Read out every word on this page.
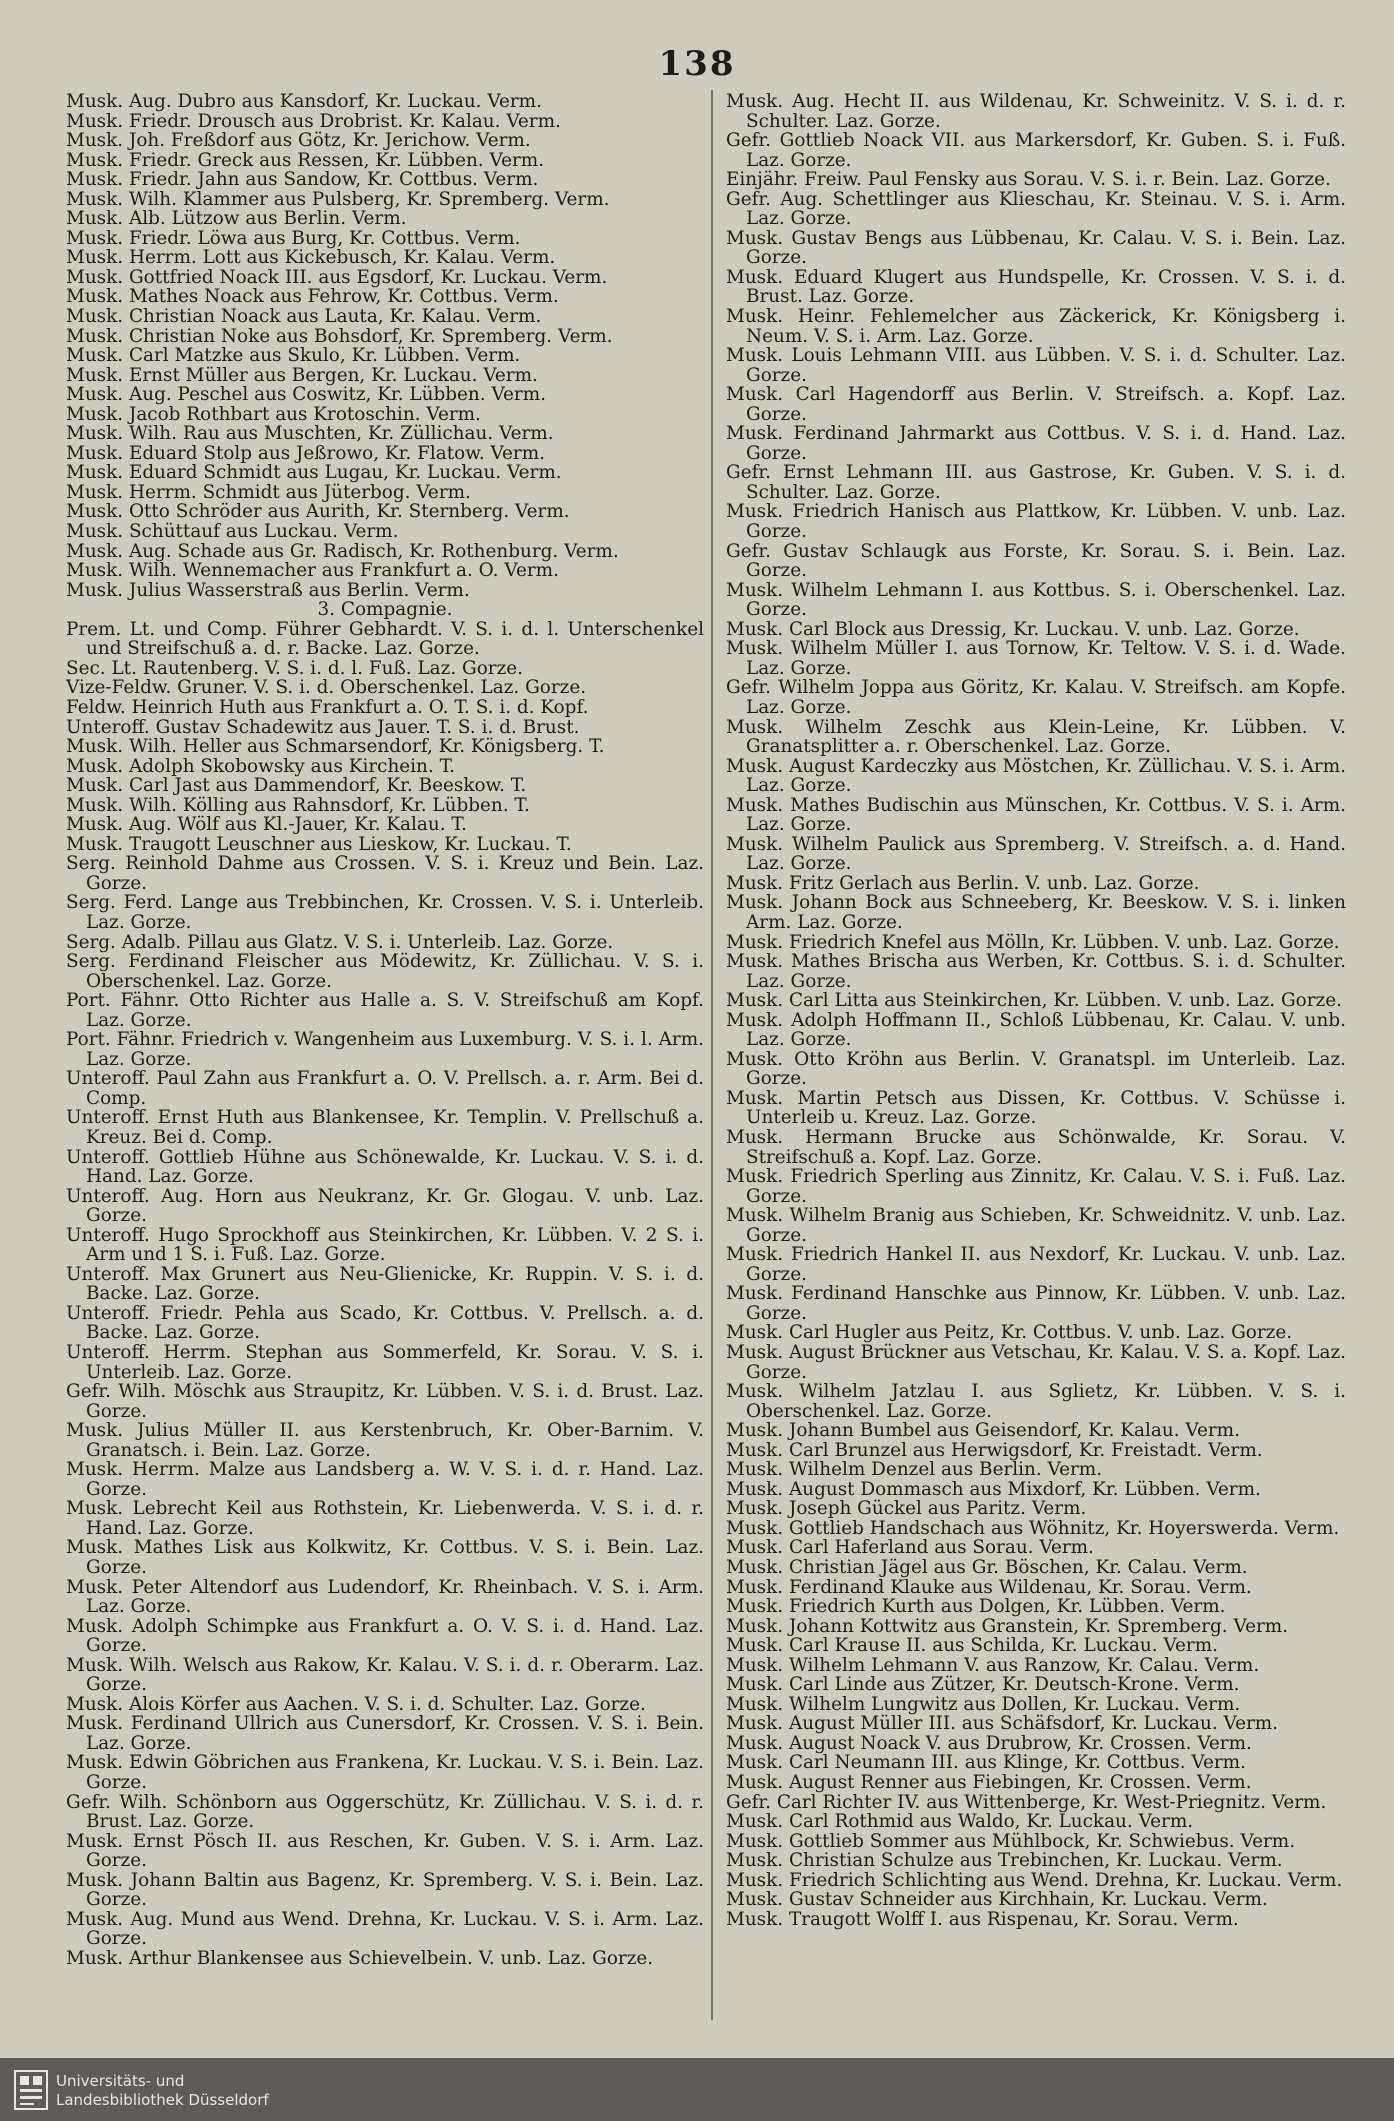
138
Musk. Aug. Dubro aus Kansdorf, Kr. Luckau. Verm.
Musk. Friedr. Drousch aus Drobrist. Kr. Kalau. Verm.
Musk. Joh. Freßdorf aus Götz, Kr. Jerichow. Verm.
Musk. Friedr. Greck aus Ressen, Kr. Lübben. Verm.
Musk. Friedr. Jahn aus Sandow, Kr. Cottbus. Verm.
Musk. Wilh. Klammer aus Pulsberg, Kr. Spremberg. Verm.
Musk. Alb. Lützow aus Berlin. Verm.
Musk. Friedr. Löwa aus Burg, Kr. Cottbus. Verm.
Musk. Herrm. Lott aus Kickebusch, Kr. Kalau. Verm.
Musk. Gottfried Noack III. aus Egsdorf, Kr. Luckau. Verm.
Musk. Mathes Noack aus Fehrow, Kr. Cottbus. Verm.
Musk. Christian Noack aus Lauta, Kr. Kalau. Verm.
Musk. Christian Noke aus Bohsdorf, Kr. Spremberg. Verm.
Musk. Carl Matzke aus Skulo, Kr. Lübben. Verm.
Musk. Ernst Müller aus Bergen, Kr. Luckau. Verm.
Musk. Aug. Peschel aus Coswitz, Kr. Lübben. Verm.
Musk. Jacob Rothbart aus Krotoschin. Verm.
Musk. Wilh. Rau aus Muschten, Kr. Züllichau. Verm.
Musk. Eduard Stolp aus Jeßrowo, Kr. Flatow. Verm.
Musk. Eduard Schmidt aus Lugau, Kr. Luckau. Verm.
Musk. Herrm. Schmidt aus Jüterbog. Verm.
Musk. Otto Schröder aus Aurith, Kr. Sternberg. Verm.
Musk. Schüttauf aus Luckau. Verm.
Musk. Aug. Schade aus Gr. Radisch, Kr. Rothenburg. Verm.
Musk. Wilh. Wennemacher aus Frankfurt a. O. Verm.
Musk. Julius Wasserstraß aus Berlin. Verm.
3. Compagnie.
Prem. Lt. und Comp. Führer Gebhardt. V. S. i. d. l. Unterschenkel und Streifschuß a. d. r. Backe. Laz. Gorze.
Sec. Lt. Rautenberg. V. S. i. d. l. Fuß. Laz. Gorze.
Vize-Feldw. Gruner. V. S. i. d. Oberschenkel. Laz. Gorze.
Feldw. Heinrich Huth aus Frankfurt a. O. T. S. i. d. Kopf.
Unteroff. Gustav Schadewitz aus Jauer. T. S. i. d. Brust.
Musk. Wilh. Heller aus Schmarsendorf, Kr. Königsberg. T.
Musk. Adolph Skobowsky aus Kirchein. T.
Musk. Carl Jast aus Dammendorf, Kr. Beeskow. T.
Musk. Wilh. Kölling aus Rahnsdorf, Kr. Lübben. T.
Musk. Aug. Wölf aus Kl.-Jauer, Kr. Kalau. T.
Musk. Traugott Leuschner aus Lieskow, Kr. Luckau. T.
Serg. Reinhold Dahme aus Crossen. V. S. i. Kreuz und Bein. Laz. Gorze.
Serg. Ferd. Lange aus Trebbinchen, Kr. Crossen. V. S. i. Unterleib. Laz. Gorze.
Serg. Adalb. Pillau aus Glatz. V. S. i. Unterleib. Laz. Gorze.
Serg. Ferdinand Fleischer aus Mödewitz, Kr. Züllichau. V. S. i. Oberschenkel. Laz. Gorze.
Port. Fähnr. Otto Richter aus Halle a. S. V. Streifschuß am Kopf. Laz. Gorze.
Port. Fähnr. Friedrich v. Wangenheim aus Luxemburg. V. S. i. l. Arm. Laz. Gorze.
Unteroff. Paul Zahn aus Frankfurt a. O. V. Prellsch. a. r. Arm. Bei d. Comp.
Unteroff. Ernst Huth aus Blankensee, Kr. Templin. V. Prellschuß a. Kreuz. Bei d. Comp.
Unteroff. Gottlieb Hühne aus Schönewalde, Kr. Luckau. V. S. i. d. Hand. Laz. Gorze.
Unteroff. Aug. Horn aus Neukranz, Kr. Gr. Glogau. V. unb. Laz. Gorze.
Unteroff. Hugo Sprockhoff aus Steinkirchen, Kr. Lübben. V. 2 S. i. Arm und 1 S. i. Fuß. Laz. Gorze.
Unteroff. Max Grunert aus Neu-Glienicke, Kr. Ruppin. V. S. i. d. Backe. Laz. Gorze.
Unteroff. Friedr. Pehla aus Scado, Kr. Cottbus. V. Prellsch. a. d. Backe. Laz. Gorze.
Unteroff. Herrm. Stephan aus Sommerfeld, Kr. Sorau. V. S. i. Unterleib. Laz. Gorze.
Gefr. Wilh. Möschk aus Straupitz, Kr. Lübben. V. S. i. d. Brust. Laz. Gorze.
Musk. Julius Müller II. aus Kerstenbruch, Kr. Ober-Barnim. V. Granatsch. i. Bein. Laz. Gorze.
Musk. Herrm. Malze aus Landsberg a. W. V. S. i. d. r. Hand. Laz. Gorze.
Musk. Lebrecht Keil aus Rothstein, Kr. Liebenwerda. V. S. i. d. r. Hand. Laz. Gorze.
Musk. Mathes Lisk aus Kolkwitz, Kr. Cottbus. V. S. i. Bein. Laz. Gorze.
Musk. Peter Altendorf aus Ludendorf, Kr. Rheinbach. V. S. i. Arm. Laz. Gorze.
Musk. Adolph Schimpke aus Frankfurt a. O. V. S. i. d. Hand. Laz. Gorze.
Musk. Wilh. Welsch aus Rakow, Kr. Kalau. V. S. i. d. r. Oberarm. Laz. Gorze.
Musk. Alois Körfer aus Aachen. V. S. i. d. Schulter. Laz. Gorze.
Musk. Ferdinand Ullrich aus Cunersdorf, Kr. Crossen. V. S. i. Bein. Laz. Gorze.
Musk. Edwin Göbrichen aus Frankena, Kr. Luckau. V. S. i. Bein. Laz. Gorze.
Gefr. Wilh. Schönborn aus Oggerschütz, Kr. Züllichau. V. S. i. d. r. Brust. Laz. Gorze.
Musk. Ernst Pösch II. aus Reschen, Kr. Guben. V. S. i. Arm. Laz. Gorze.
Musk. Johann Baltin aus Bagenz, Kr. Spremberg. V. S. i. Bein. Laz. Gorze.
Musk. Aug. Mund aus Wend. Drehna, Kr. Luckau. V. S. i. Arm. Laz. Gorze.
Musk. Arthur Blankensee aus Schievelbein. V. unb. Laz. Gorze.
Musk. Aug. Hecht II. aus Wildenau, Kr. Schweinitz. V. S. i. d. r. Schulter. Laz. Gorze.
Gefr. Gottlieb Noack VII. aus Markersdorf, Kr. Guben. S. i. Fuß. Laz. Gorze.
Einjähr. Freiw. Paul Fensky aus Sorau. V. S. i. r. Bein. Laz. Gorze.
Gefr. Aug. Schettlinger aus Klieschau, Kr. Steinau. V. S. i. Arm. Laz. Gorze.
Musk. Gustav Bengs aus Lübbenau, Kr. Calau. V. S. i. Bein. Laz. Gorze.
Musk. Eduard Klugert aus Hundspelle, Kr. Crossen. V. S. i. d. Brust. Laz. Gorze.
Musk. Heinr. Fehlemelcher aus Zäckerick, Kr. Königsberg i. Neum. V. S. i. Arm. Laz. Gorze.
Musk. Louis Lehmann VIII. aus Lübben. V. S. i. d. Schulter. Laz. Gorze.
Musk. Carl Hagendorff aus Berlin. V. Streifsch. a. Kopf. Laz. Gorze.
Musk. Ferdinand Jahrmarkt aus Cottbus. V. S. i. d. Hand. Laz. Gorze.
Gefr. Ernst Lehmann III. aus Gastrose, Kr. Guben. V. S. i. d. Schulter. Laz. Gorze.
Musk. Friedrich Hanisch aus Plattkow, Kr. Lübben. V. unb. Laz. Gorze.
Gefr. Gustav Schlaugk aus Forste, Kr. Sorau. S. i. Bein. Laz. Gorze.
Musk. Wilhelm Lehmann I. aus Kottbus. S. i. Oberschenkel. Laz. Gorze.
Musk. Carl Block aus Dressig, Kr. Luckau. V. unb. Laz. Gorze.
Musk. Wilhelm Müller I. aus Tornow, Kr. Teltow. V. S. i. d. Wade. Laz. Gorze.
Gefr. Wilhelm Joppa aus Göritz, Kr. Kalau. V. Streifsch. am Kopfe. Laz. Gorze.
Musk. Wilhelm Zeschk aus Klein-Leine, Kr. Lübben. V. Granatsplitter a. r. Oberschenkel. Laz. Gorze.
Musk. August Kardeczky aus Möstchen, Kr. Züllichau. V. S. i. Arm. Laz. Gorze.
Musk. Mathes Budischin aus Münschen, Kr. Cottbus. V. S. i. Arm. Laz. Gorze.
Musk. Wilhelm Paulick aus Spremberg. V. Streifsch. a. d. Hand. Laz. Gorze.
Musk. Fritz Gerlach aus Berlin. V. unb. Laz. Gorze.
Musk. Johann Bock aus Schneeberg, Kr. Beeskow. V. S. i. linken Arm. Laz. Gorze.
Musk. Friedrich Knefel aus Mölln, Kr. Lübben. V. unb. Laz. Gorze.
Musk. Mathes Brischa aus Werben, Kr. Cottbus. S. i. d. Schulter. Laz. Gorze.
Musk. Carl Litta aus Steinkirchen, Kr. Lübben. V. unb. Laz. Gorze.
Musk. Adolph Hoffmann II., Schloß Lübbenau, Kr. Calau. V. unb. Laz. Gorze.
Musk. Otto Kröhn aus Berlin. V. Granatspl. im Unterleib. Laz. Gorze.
Musk. Martin Petsch aus Dissen, Kr. Cottbus. V. Schüsse i. Unterleib u. Kreuz. Laz. Gorze.
Musk. Hermann Brucke aus Schönwalde, Kr. Sorau. V. Streifschuß a. Kopf. Laz. Gorze.
Musk. Friedrich Sperling aus Zinnitz, Kr. Calau. V. S. i. Fuß. Laz. Gorze.
Musk. Wilhelm Branig aus Schieben, Kr. Schweidnitz. V. unb. Laz. Gorze.
Musk. Friedrich Hankel II. aus Nexdorf, Kr. Luckau. V. unb. Laz. Gorze.
Musk. Ferdinand Hanschke aus Pinnow, Kr. Lübben. V. unb. Laz. Gorze.
Musk. Carl Hugler aus Peitz, Kr. Cottbus. V. unb. Laz. Gorze.
Musk. August Brückner aus Vetschau, Kr. Kalau. V. S. a. Kopf. Laz. Gorze.
Musk. Wilhelm Jatzlau I. aus Sglietz, Kr. Lübben. V. S. i. Oberschenkel. Laz. Gorze.
Musk. Johann Bumbel aus Geisendorf, Kr. Kalau. Verm.
Musk. Carl Brunzel aus Herwigsdorf, Kr. Freistadt. Verm.
Musk. Wilhelm Denzel aus Berlin. Verm.
Musk. August Dommasch aus Mixdorf, Kr. Lübben. Verm.
Musk. Joseph Gückel aus Paritz. Verm.
Musk. Gottlieb Handschach aus Wöhnitz, Kr. Hoyerswerda. Verm.
Musk. Carl Haferland aus Sorau. Verm.
Musk. Christian Jägel aus Gr. Böschen, Kr. Calau. Verm.
Musk. Ferdinand Klauke aus Wildenau, Kr. Sorau. Verm.
Musk. Friedrich Kurth aus Dolgen, Kr. Lübben. Verm.
Musk. Johann Kottwitz aus Granstein, Kr. Spremberg. Verm.
Musk. Carl Krause II. aus Schilda, Kr. Luckau. Verm.
Musk. Wilhelm Lehmann V. aus Ranzow, Kr. Calau. Verm.
Musk. Carl Linde aus Zützer, Kr. Deutsch-Krone. Verm.
Musk. Wilhelm Lungwitz aus Dollen, Kr. Luckau. Verm.
Musk. August Müller III. aus Schäfsdorf, Kr. Luckau. Verm.
Musk. August Noack V. aus Drubrow, Kr. Crossen. Verm.
Musk. Carl Neumann III. aus Klinge, Kr. Cottbus. Verm.
Musk. August Renner aus Fiebingen, Kr. Crossen. Verm.
Gefr. Carl Richter IV. aus Wittenberge, Kr. West-Priegnitz. Verm.
Musk. Carl Rothmid aus Waldo, Kr. Luckau. Verm.
Musk. Gottlieb Sommer aus Mühlbock, Kr. Schwiebus. Verm.
Musk. Christian Schulze aus Trebinchen, Kr. Luckau. Verm.
Musk. Friedrich Schlichting aus Wend. Drehna, Kr. Luckau. Verm.
Musk. Gustav Schneider aus Kirchhain, Kr. Luckau. Verm.
Musk. Traugott Wolff I. aus Rispenau, Kr. Sorau. Verm.
Universitäts- und
Landesbibliothek Düsseldorf
